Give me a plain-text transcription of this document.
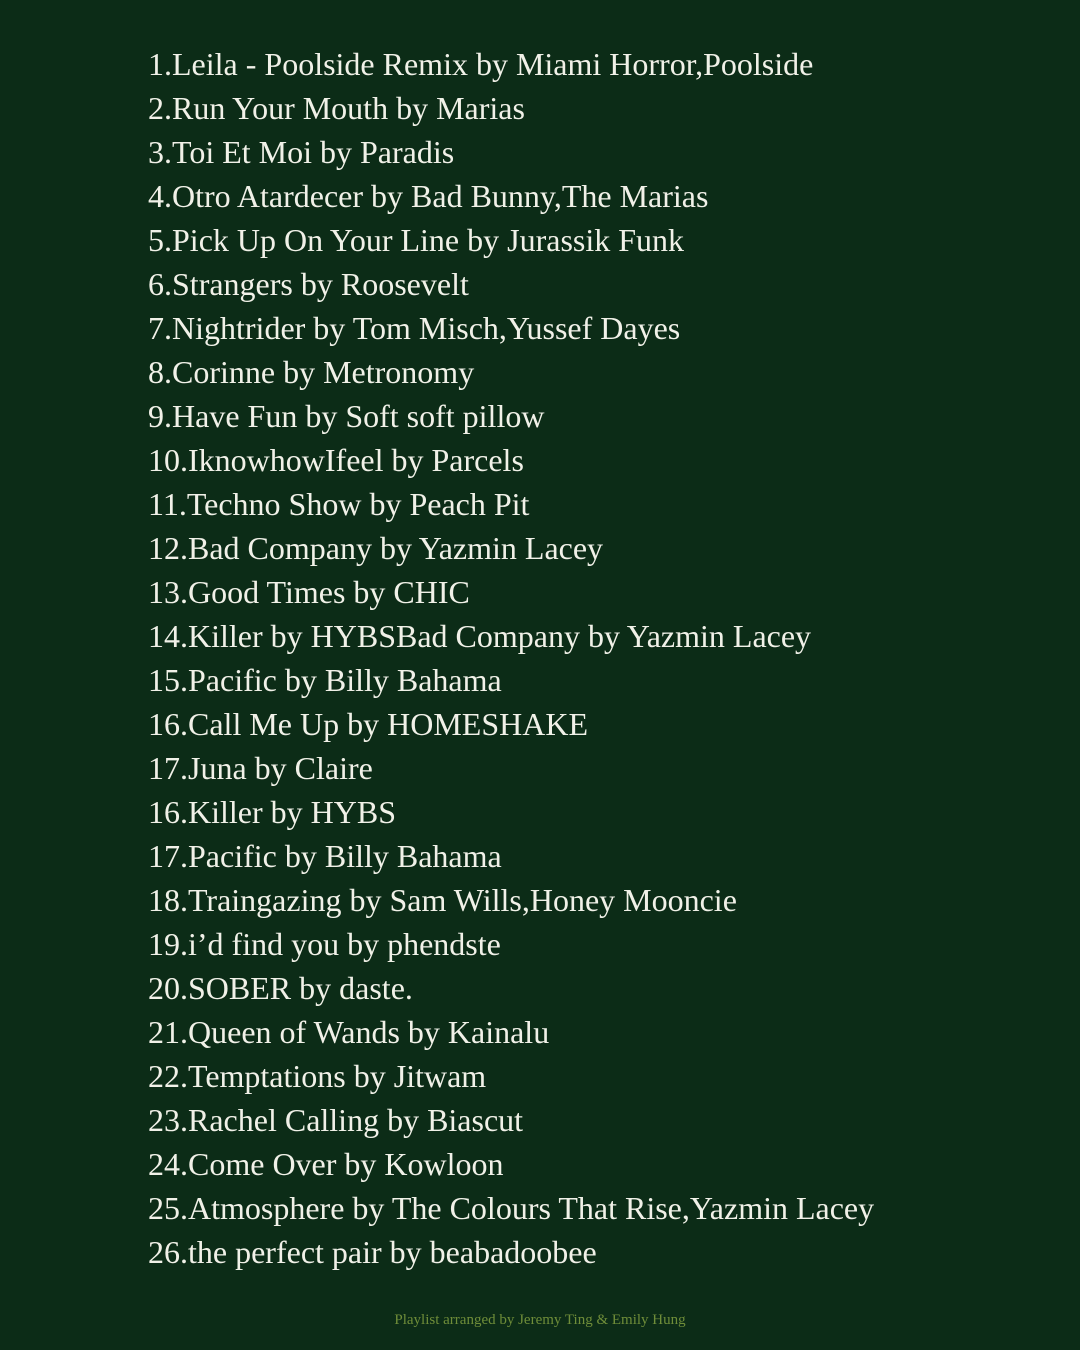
1.Leila - Poolside Remix by Miami Horror,Poolside
2.Run Your Mouth by Marias
3.Toi Et Moi by Paradis
4.Otro Atardecer by Bad Bunny,The Marias
5.Pick Up On Your Line by Jurassik Funk
6.Strangers by Roosevelt
7.Nightrider by Tom Misch,Yussef Dayes
8.Corinne by Metronomy
9.Have Fun by Soft soft pillow
10.IknowhowIfeel by Parcels
11.Techno Show by Peach Pit
12.Bad Company by Yazmin Lacey
13.Good Times by CHIC
14.Killer by HYBSBad Company by Yazmin Lacey
15.Pacific by Billy Bahama
16.Call Me Up by HOMESHAKE
17.Juna by Claire
16.Killer by HYBS
17.Pacific by Billy Bahama
18.Traingazing by Sam Wills,Honey Mooncie
19.i’d find you by phendste
20.SOBER by daste.
21.Queen of Wands by Kainalu
22.Temptations by Jitwam
23.Rachel Calling by Biascut
24.Come Over by Kowloon
25.Atmosphere by The Colours That Rise,Yazmin Lacey
26.the perfect pair by beabadoobee
Playlist arranged by Jeremy Ting & Emily Hung
